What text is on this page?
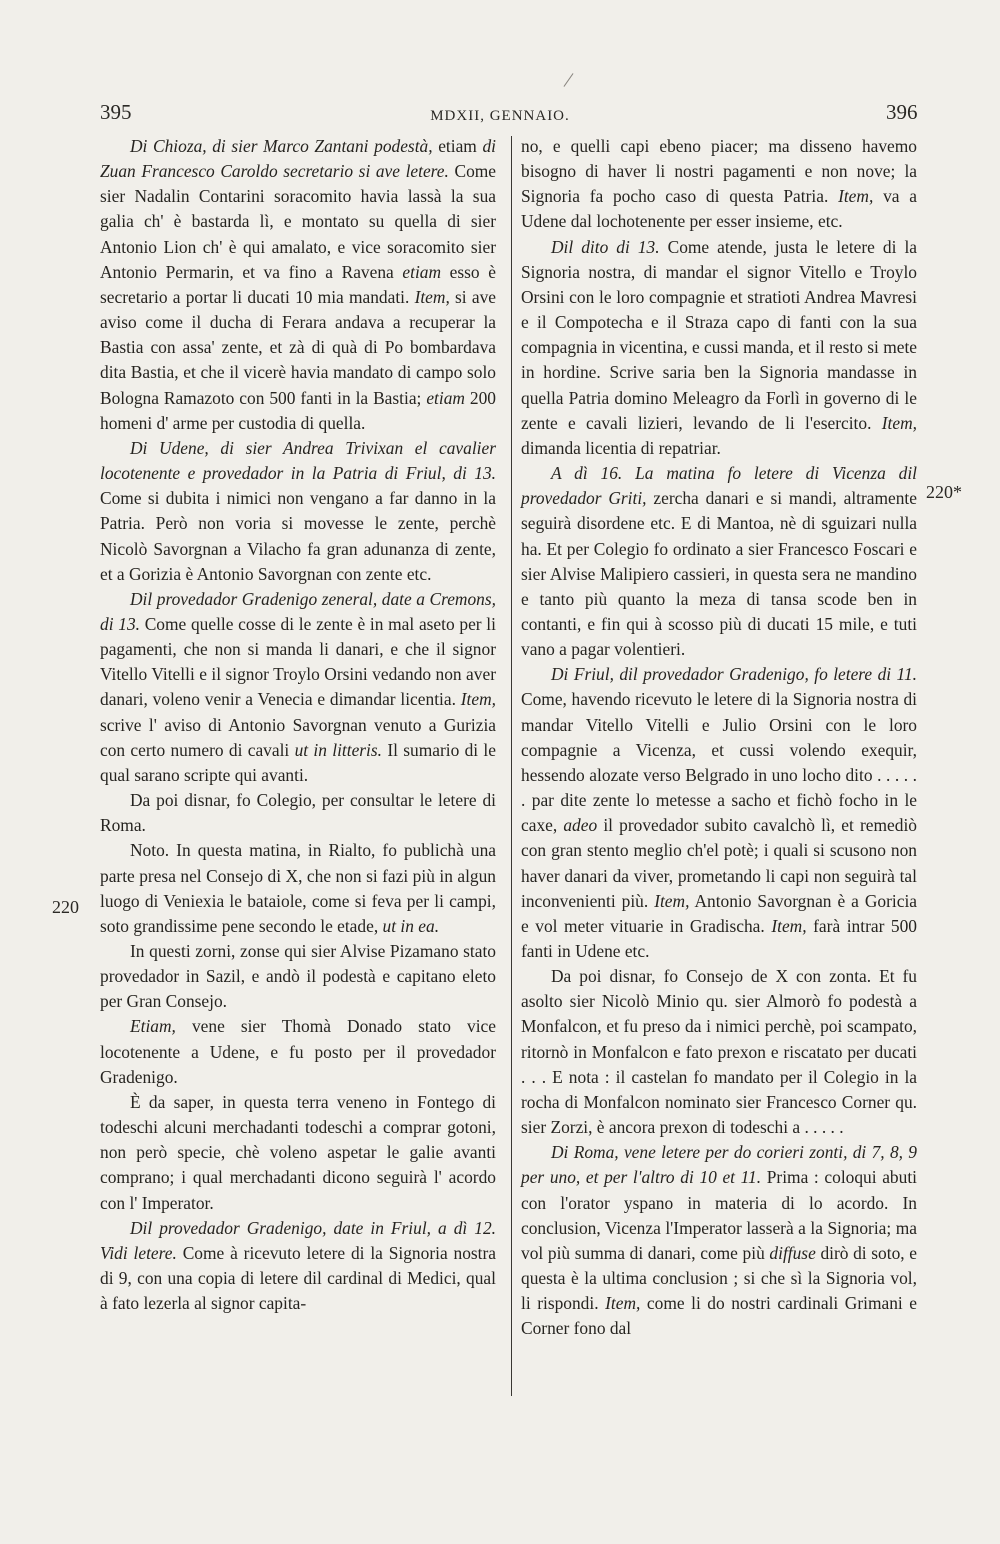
395	MDXII, GENNAIO.	396
220
220*

Di Chioza, di sier Marco Zantani podestà, etiam di Zuan Francesco Caroldo secretario si ave letere. Come sier Nadalin Contarini soracomito havia lassà la sua galia ch' è bastarda lì, e montato su quella di sier Antonio Lion ch' è qui amalato, e vice soracomito sier Antonio Permarin, et va fino a Ravena etiam esso è secretario a portar li ducati 10 mia mandati. Item, si ave aviso come il ducha di Ferara andava a recuperar la Bastia con assa' zente, et zà di quà di Po bombardava dita Bastia, et che il vicerè havia mandato di campo solo Bologna Ramazoto con 500 fanti in la Bastia; etiam 200 homeni d' arme per custodia di quella.

Di Udene, di sier Andrea Trivixan el cavalier locotenente e provedador in la Patria di Friul, di 13. Come si dubita i nimici non vengano a far danno in la Patria. Però non voria si movesse le zente, perchè Nicolò Savorgnan a Vilacho fa gran adunanza di zente, et a Gorizia è Antonio Savorgnan con zente etc.

Dil provedador Gradenigo zeneral, date a Cremons, di 13. Come quelle cosse di le zente è in mal aseto per li pagamenti, che non si manda li danari, e che il signor Vitello Vitelli e il signor Troylo Orsini vedando non aver danari, voleno venir a Venecia e dimandar licentia. Item, scrive l' aviso di Antonio Savorgnan venuto a Gurizia con certo numero di cavali ut in litteris. Il sumario di le qual sarano scripte qui avanti.

Da poi disnar, fo Colegio, per consultar le letere di Roma.

Noto. In questa matina, in Rialto, fo publichà una parte presa nel Consejo di X, che non si fazi più in algun luogo di Veniexia le bataiole, come si feva per li campi, soto grandissime pene secondo le etade, ut in ea.

In questi zorni, zonse qui sier Alvise Pizamano stato provedador in Sazil, e andò il podestà e capitano eleto per Gran Consejo.

Etiam, vene sier Thomà Donado stato vice locotenente a Udene, e fu posto per il provedador Gradenigo.

È da saper, in questa terra veneno in Fontego di todeschi alcuni merchadanti todeschi a comprar gotoni, non però specie, chè voleno aspetar le galie avanti comprano; i qual merchadanti dicono seguirà l' acordo con l' Imperator.

Dil provedador Gradenigo, date in Friul, a dì 12. Vidi letere. Come à ricevuto letere di la Signoria nostra di 9, con una copia di letere dil cardinal di Medici, qual à fato lezerla al signor capita-

no, e quelli capi ebeno piacer; ma disseno havemo bisogno di haver li nostri pagamenti e non nove; la Signoria fa pocho caso di questa Patria. Item, va a Udene dal lochotenente per esser insieme, etc.

Dil dito di 13. Come atende, justa le letere di la Signoria nostra, di mandar el signor Vitello e Troylo Orsini con le loro compagnie et stratioti Andrea Mavresi e il Compotecha e il Straza capo di fanti con la sua compagnia in vicentina, e cussi manda, et il resto si mete in hordine. Scrive saria ben la Signoria mandasse in quella Patria domino Meleagro da Forlì in governo di le zente e cavali lizieri, levando de li l'esercito. Item, dimanda licentia di repatriar.

A dì 16. La matina fo letere di Vicenza dil provedador Griti, zercha danari e si mandi, altramente seguirà disordene etc. E di Mantoa, nè di sguizari nulla ha. Et per Colegio fo ordinato a sier Francesco Foscari e sier Alvise Malipiero cassieri, in questa sera ne mandino e tanto più quanto la meza di tansa scode ben in contanti, e fin qui à scosso più di ducati 15 mile, e tuti vano a pagar volentieri.

Di Friul, dil provedador Gradenigo, fo letere di 11. Come, havendo ricevuto le letere di la Signoria nostra di mandar Vitello Vitelli e Julio Orsini con le loro compagnie a Vicenza, et cussi volendo exequir, hessendo alozate verso Belgrado in uno locho dito . . . . . . par dite zente lo metesse a sacho et fichò focho in le caxe, adeo il provedador subito cavalchò lì, et remediò con gran stento meglio ch'el potè; i quali si scusono non haver danari da viver, prometando li capi non seguirà tal inconvenienti più. Item, Antonio Savorgnan è a Goricia e vol meter vituarie in Gradischa. Item, farà intrar 500 fanti in Udene etc.

Da poi disnar, fo Consejo de X con zonta. Et fu asolto sier Nicolò Minio qu. sier Almorò fo podestà a Monfalcon, et fu preso da i nimici perchè, poi scampato, ritornò in Monfalcon e fato prexon e riscatato per ducati . . . E nota : il castelan fo mandato per il Colegio in la rocha di Monfalcon nominato sier Francesco Corner qu. sier Zorzi, è ancora prexon di todeschi a . . . . .

Di Roma, vene letere per do corieri zonti, di 7, 8, 9 per uno, et per l'altro di 10 et 11. Prima : coloqui abuti con l'orator yspano in materia di lo acordo. In conclusion, Vicenza l'Imperator lasserà a la Signoria; ma vol più summa di danari, come più diffuse dirò di soto, e questa è la ultima conclusion ; si che sì la Signoria vol, li rispondi. Item, come li do nostri cardinali Grimani e Corner fono dal
